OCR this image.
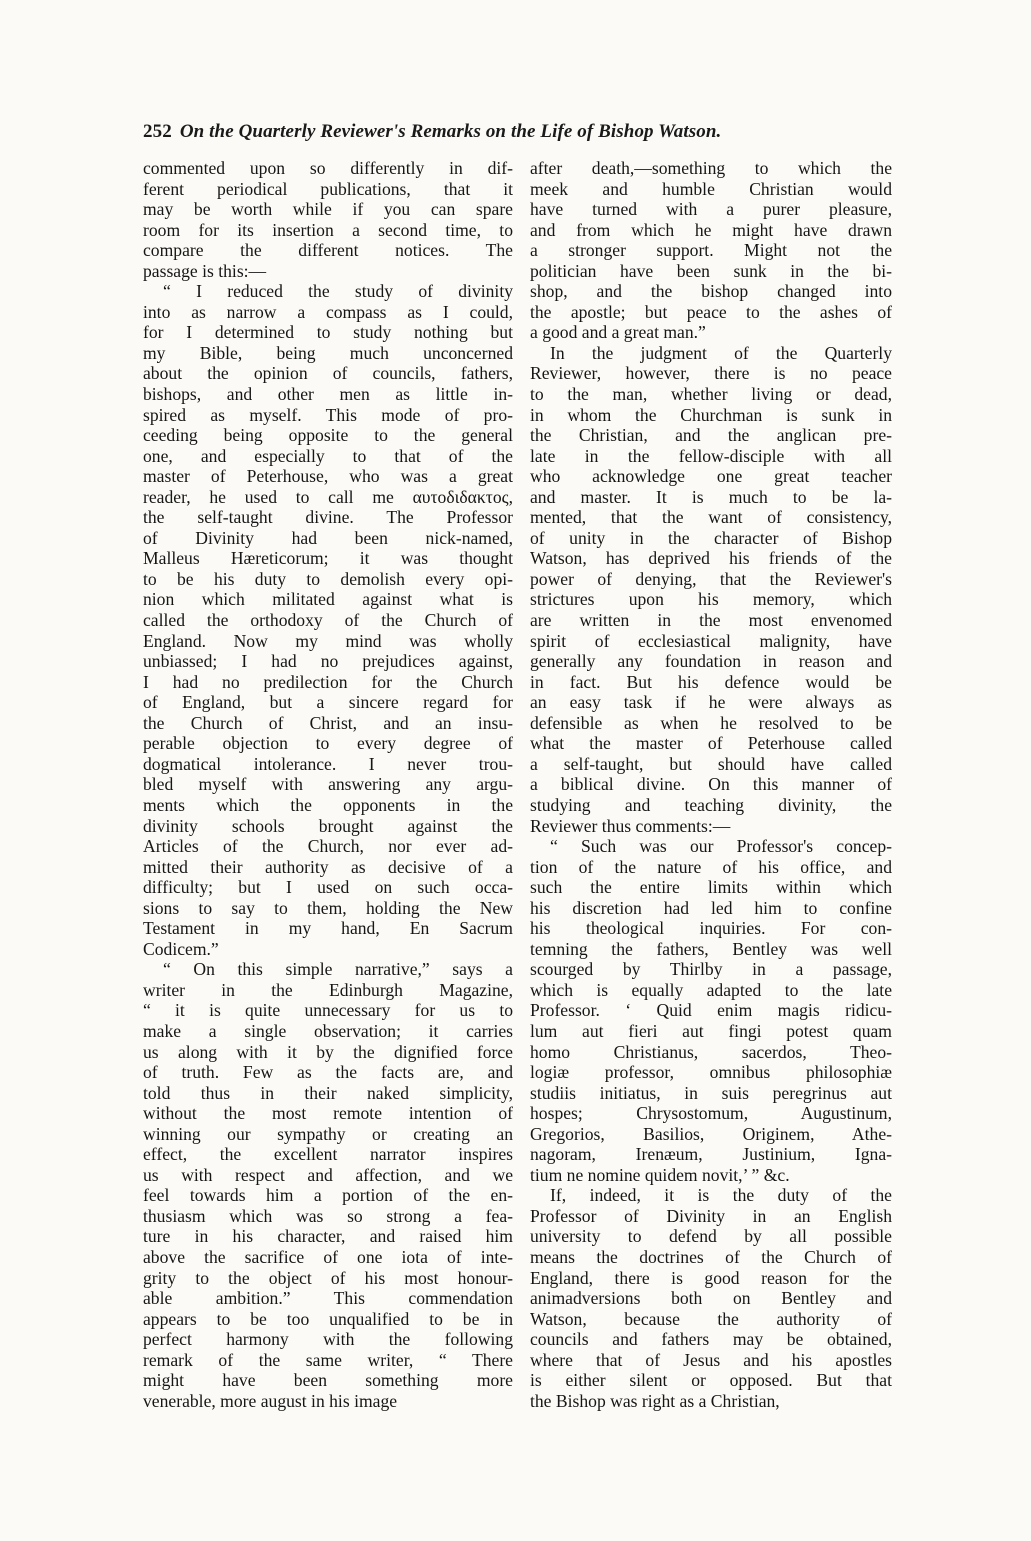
252 On the Quarterly Reviewer's Remarks on the Life of Bishop Watson.
commented upon so differently in dif-
ferent periodical publications, that it
may be worth while if you can spare
room for its insertion a second time, to
compare the different notices. The
passage is this:—
“ I reduced the study of divinity
into as narrow a compass as I could,
for I determined to study nothing but
my Bible, being much unconcerned
about the opinion of councils, fathers,
bishops, and other men as little in-
spired as myself. This mode of pro-
ceeding being opposite to the general
one, and especially to that of the
master of Peterhouse, who was a great
reader, he used to call me αυτοδιδακτος,
the self-taught divine. The Professor
of Divinity had been nick-named,
Malleus Hæreticorum; it was thought
to be his duty to demolish every opi-
nion which militated against what is
called the orthodoxy of the Church of
England. Now my mind was wholly
unbiassed; I had no prejudices against,
I had no predilection for the Church
of England, but a sincere regard for
the Church of Christ, and an insu-
perable objection to every degree of
dogmatical intolerance. I never trou-
bled myself with answering any argu-
ments which the opponents in the
divinity schools brought against the
Articles of the Church, nor ever ad-
mitted their authority as decisive of a
difficulty; but I used on such occa-
sions to say to them, holding the New
Testament in my hand, En Sacrum
Codicem.”
“ On this simple narrative,” says a
writer in the Edinburgh Magazine,
“ it is quite unnecessary for us to
make a single observation; it carries
us along with it by the dignified force
of truth. Few as the facts are, and
told thus in their naked simplicity,
without the most remote intention of
winning our sympathy or creating an
effect, the excellent narrator inspires
us with respect and affection, and we
feel towards him a portion of the en-
thusiasm which was so strong a fea-
ture in his character, and raised him
above the sacrifice of one iota of inte-
grity to the object of his most honour-
able ambition.” This commendation
appears to be too unqualified to be in
perfect harmony with the following
remark of the same writer, “ There
might have been something more
venerable, more august in his image
after death,—something to which the
meek and humble Christian would
have turned with a purer pleasure,
and from which he might have drawn
a stronger support. Might not the
politician have been sunk in the bi-
shop, and the bishop changed into
the apostle; but peace to the ashes of
a good and a great man.”
In the judgment of the Quarterly
Reviewer, however, there is no peace
to the man, whether living or dead,
in whom the Churchman is sunk in
the Christian, and the anglican pre-
late in the fellow-disciple with all
who acknowledge one great teacher
and master. It is much to be la-
mented, that the want of consistency,
of unity in the character of Bishop
Watson, has deprived his friends of the
power of denying, that the Reviewer's
strictures upon his memory, which
are written in the most envenomed
spirit of ecclesiastical malignity, have
generally any foundation in reason and
in fact. But his defence would be
an easy task if he were always as
defensible as when he resolved to be
what the master of Peterhouse called
a self-taught, but should have called
a biblical divine. On this manner of
studying and teaching divinity, the
Reviewer thus comments:—
“ Such was our Professor's concep-
tion of the nature of his office, and
such the entire limits within which
his discretion had led him to confine
his theological inquiries. For con-
temning the fathers, Bentley was well
scourged by Thirlby in a passage,
which is equally adapted to the late
Professor. ‘ Quid enim magis ridicu-
lum aut fieri aut fingi potest quam
homo Christianus, sacerdos, Theo-
logiæ professor, omnibus philosophiæ
studiis initiatus, in suis peregrinus aut
hospes; Chrysostomum, Augustinum,
Gregorios, Basilios, Originem, Athe-
nagoram, Irenæum, Justinium, Igna-
tium ne nomine quidem novit,’ ” &c.
If, indeed, it is the duty of the
Professor of Divinity in an English
university to defend by all possible
means the doctrines of the Church of
England, there is good reason for the
animadversions both on Bentley and
Watson, because the authority of
councils and fathers may be obtained,
where that of Jesus and his apostles
is either silent or opposed. But that
the Bishop was right as a Christian,
